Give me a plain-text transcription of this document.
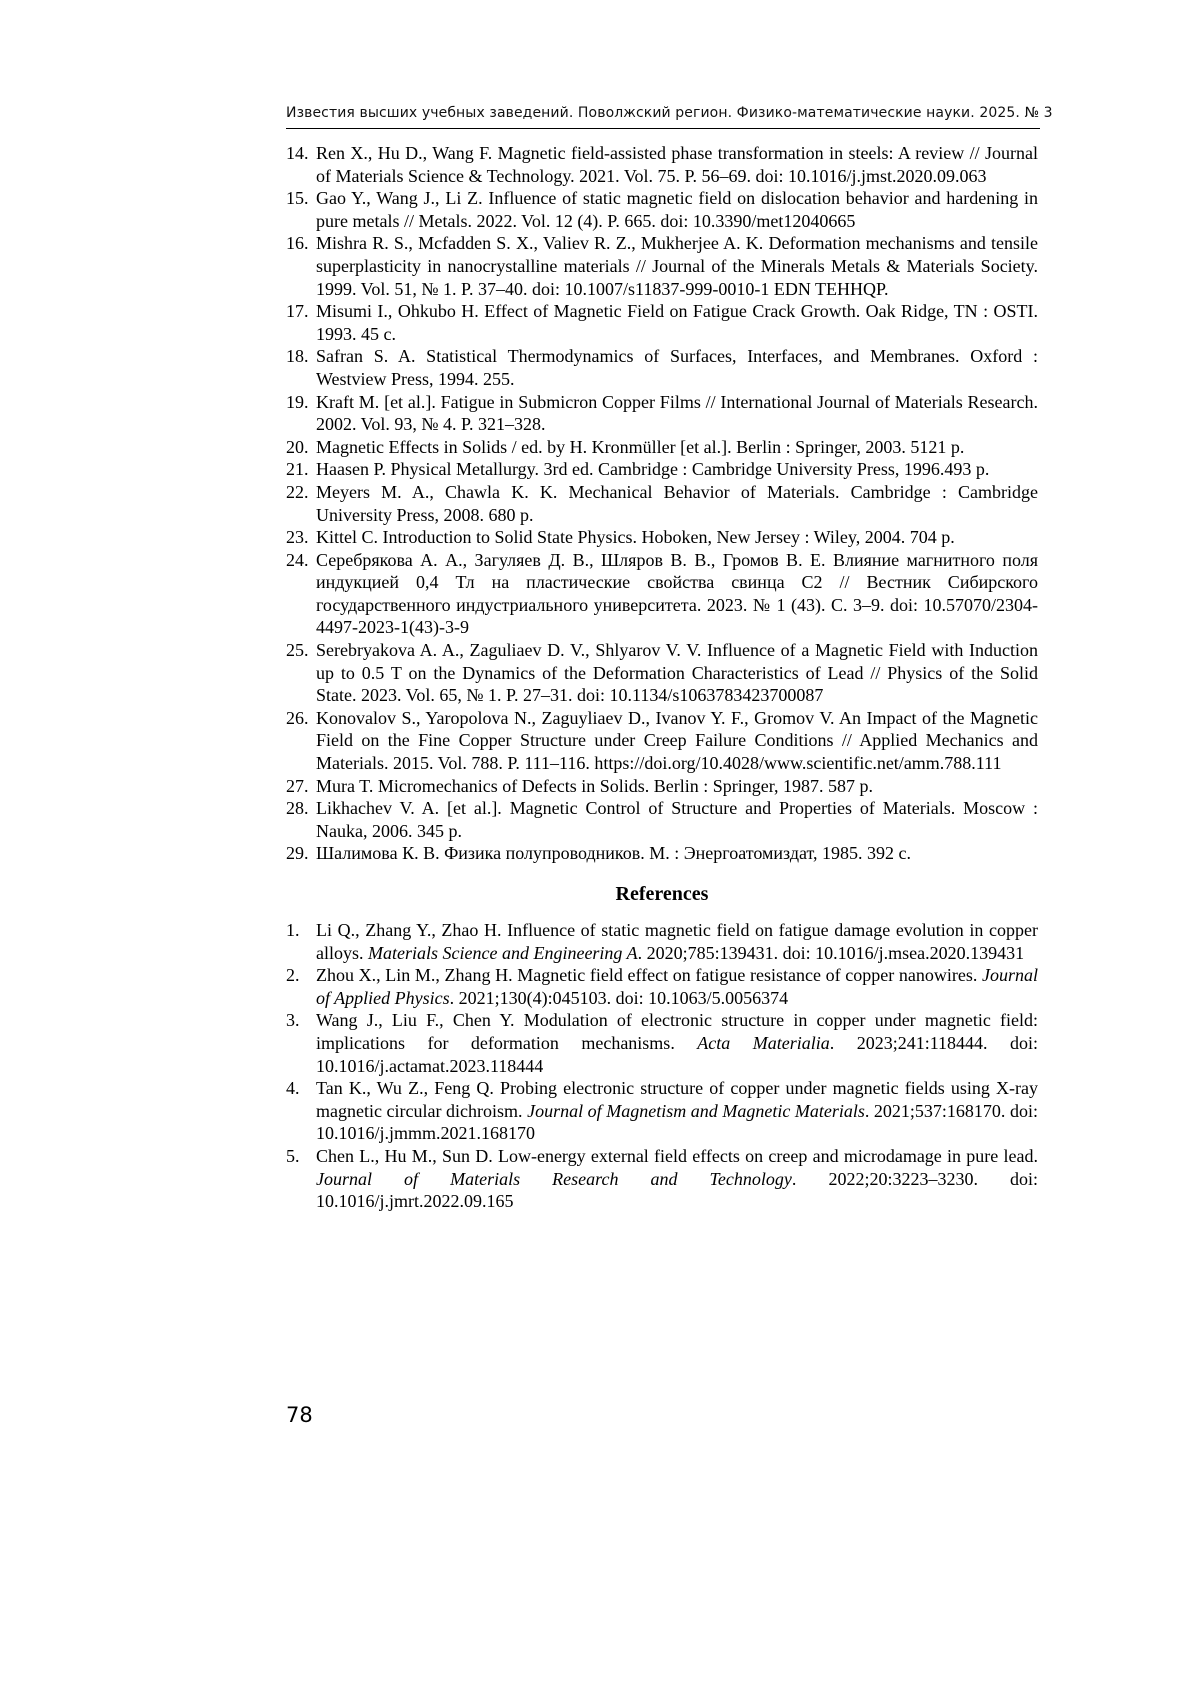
Известия высших учебных заведений. Поволжский регион. Физико-математические науки. 2025. № 3
14. Ren X., Hu D., Wang F. Magnetic field-assisted phase transformation in steels: A review // Journal of Materials Science & Technology. 2021. Vol. 75. P. 56–69. doi: 10.1016/j.jmst.2020.09.063
15. Gao Y., Wang J., Li Z. Influence of static magnetic field on dislocation behavior and hardening in pure metals // Metals. 2022. Vol. 12 (4). P. 665. doi: 10.3390/met12040665
16. Mishra R. S., Mcfadden S. X., Valiev R. Z., Mukherjee A. K. Deformation mechanisms and tensile superplasticity in nanocrystalline materials // Journal of the Minerals Metals & Materials Society. 1999. Vol. 51, № 1. P. 37–40. doi: 10.1007/s11837-999-0010-1 EDN TEHHQP.
17. Misumi I., Ohkubo H. Effect of Magnetic Field on Fatigue Crack Growth. Oak Ridge, TN : OSTI. 1993. 45 с.
18. Safran S. A. Statistical Thermodynamics of Surfaces, Interfaces, and Membranes. Oxford : Westview Press, 1994. 255.
19. Kraft M. [et al.]. Fatigue in Submicron Copper Films // International Journal of Materials Research. 2002. Vol. 93, № 4. P. 321–328.
20. Magnetic Effects in Solids / ed. by H. Kronmüller [et al.]. Berlin : Springer, 2003. 5121 p.
21. Haasen P. Physical Metallurgy. 3rd ed. Cambridge : Cambridge University Press, 1996.493 p.
22. Meyers M. A., Chawla K. K. Mechanical Behavior of Materials. Cambridge : Cambridge University Press, 2008. 680 p.
23. Kittel C. Introduction to Solid State Physics. Hoboken, New Jersey : Wiley, 2004. 704 p.
24. Серебрякова А. А., Загуляев Д. В., Шляров В. В., Громов В. Е. Влияние магнитного поля индукцией 0,4 Тл на пластические свойства свинца С2 // Вестник Сибирского государственного индустриального университета. 2023. № 1 (43). С. 3–9. doi: 10.57070/2304-4497-2023-1(43)-3-9
25. Serebryakova A. A., Zaguliaev D. V., Shlyarov V. V. Influence of a Magnetic Field with Induction up to 0.5 T on the Dynamics of the Deformation Characteristics of Lead // Physics of the Solid State. 2023. Vol. 65, № 1. P. 27–31. doi: 10.1134/s1063783423700087
26. Konovalov S., Yaropolova N., Zaguyliaev D., Ivanov Y. F., Gromov V. An Impact of the Magnetic Field on the Fine Copper Structure under Creep Failure Conditions // Applied Mechanics and Materials. 2015. Vol. 788. P. 111–116. https://doi.org/10.4028/www.scientific.net/amm.788.111
27. Mura T. Micromechanics of Defects in Solids. Berlin : Springer, 1987. 587 p.
28. Likhachev V. A. [et al.]. Magnetic Control of Structure and Properties of Materials. Moscow : Nauka, 2006. 345 p.
29. Шалимова К. В. Физика полупроводников. М. : Энергоатомиздат, 1985. 392 с.
References
1. Li Q., Zhang Y., Zhao H. Influence of static magnetic field on fatigue damage evolution in copper alloys. Materials Science and Engineering A. 2020;785:139431. doi: 10.1016/j.msea.2020.139431
2. Zhou X., Lin M., Zhang H. Magnetic field effect on fatigue resistance of copper nanowires. Journal of Applied Physics. 2021;130(4):045103. doi: 10.1063/5.0056374
3. Wang J., Liu F., Chen Y. Modulation of electronic structure in copper under magnetic field: implications for deformation mechanisms. Acta Materialia. 2023;241:118444. doi: 10.1016/j.actamat.2023.118444
4. Tan K., Wu Z., Feng Q. Probing electronic structure of copper under magnetic fields using X-ray magnetic circular dichroism. Journal of Magnetism and Magnetic Materials. 2021;537:168170. doi: 10.1016/j.jmmm.2021.168170
5. Chen L., Hu M., Sun D. Low-energy external field effects on creep and microdamage in pure lead. Journal of Materials Research and Technology. 2022;20:3223–3230. doi: 10.1016/j.jmrt.2022.09.165
78
